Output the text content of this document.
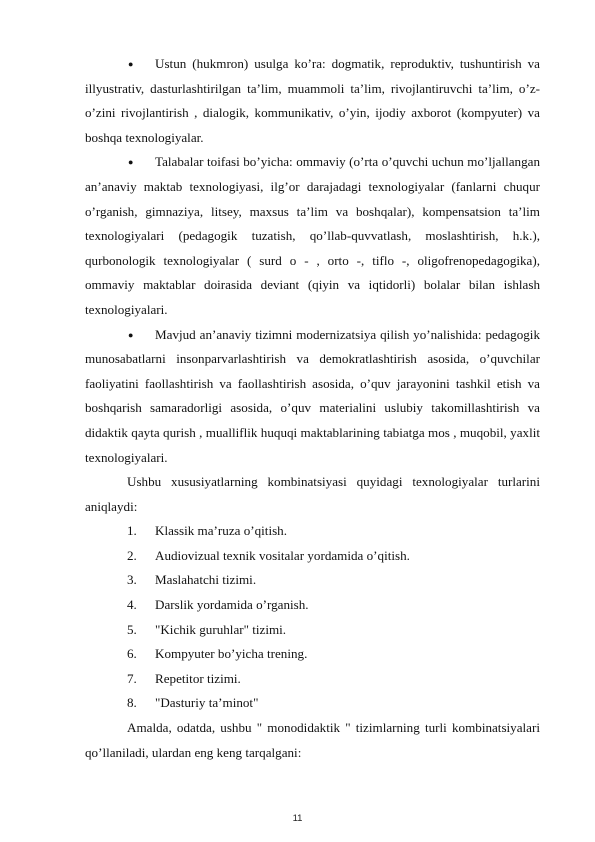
● Ustun (hukmron) usulga ko’ra: dogmatik, reproduktiv, tushuntirish va illyustrativ, dasturlashtirilgan ta’lim, muammoli ta’lim, rivojlantiruvchi ta’lim, o’z-o’zini rivojlantirish , dialogik, kommunikativ, o’yin, ijodiy axborot (kompyuter) va boshqa texnologiyalar.

● Talabalar toifasi bo’yicha: ommaviy (o’rta o’quvchi uchun mo’ljallangan an’anaviy maktab texnologiyasi, ilg’or darajadagi texnologiyalar (fanlarni chuqur o’rganish, gimnaziya, litsey, maxsus ta’lim va boshqalar), kompensatsion ta’lim texnologiyalari (pedagogik tuzatish, qo’llab-quvvatlash, moslashtirish, h.k.), qurbonologik texnologiyalar ( surd o - , orto -, tiflo -, oligofrenopedagogika), ommaviy maktablar doirasida deviant (qiyin va iqtidorli) bolalar bilan ishlash texnologiyalari.

● Mavjud an’anaviy tizimni modernizatsiya qilish yo’nalishida: pedagogik munosabatlarni insonparvarlashtirish va demokratlashtirish asosida, o’quvchilar faoliyatini faollashtirish va faollashtirish asosida, o’quv jarayonini tashkil etish va boshqarish samaradorligi asosida, o’quv materialini uslubiy takomillashtirish va didaktik qayta qurish , mualliflik huquqi maktablarining tabiatga mos , muqobil, yaxlit texnologiyalari.

Ushbu xususiyatlarning kombinatsiyasi quyidagi texnologiyalar turlarini aniqlaydi:

1. Klassik ma’ruza o’qitish.

2. Audiovizual texnik vositalar yordamida o’qitish.

3. Maslahatchi tizimi.

4. Darslik yordamida o’rganish.

5. "Kichik guruhlar" tizimi.

6. Kompyuter bo’yicha trening.

7. Repetitor tizimi.

8. "Dasturiy ta’minot"

Amalda, odatda, ushbu " monodidaktik " tizimlarning turli kombinatsiyalari qo’llaniladi, ulardan eng keng tarqalgani:

11
